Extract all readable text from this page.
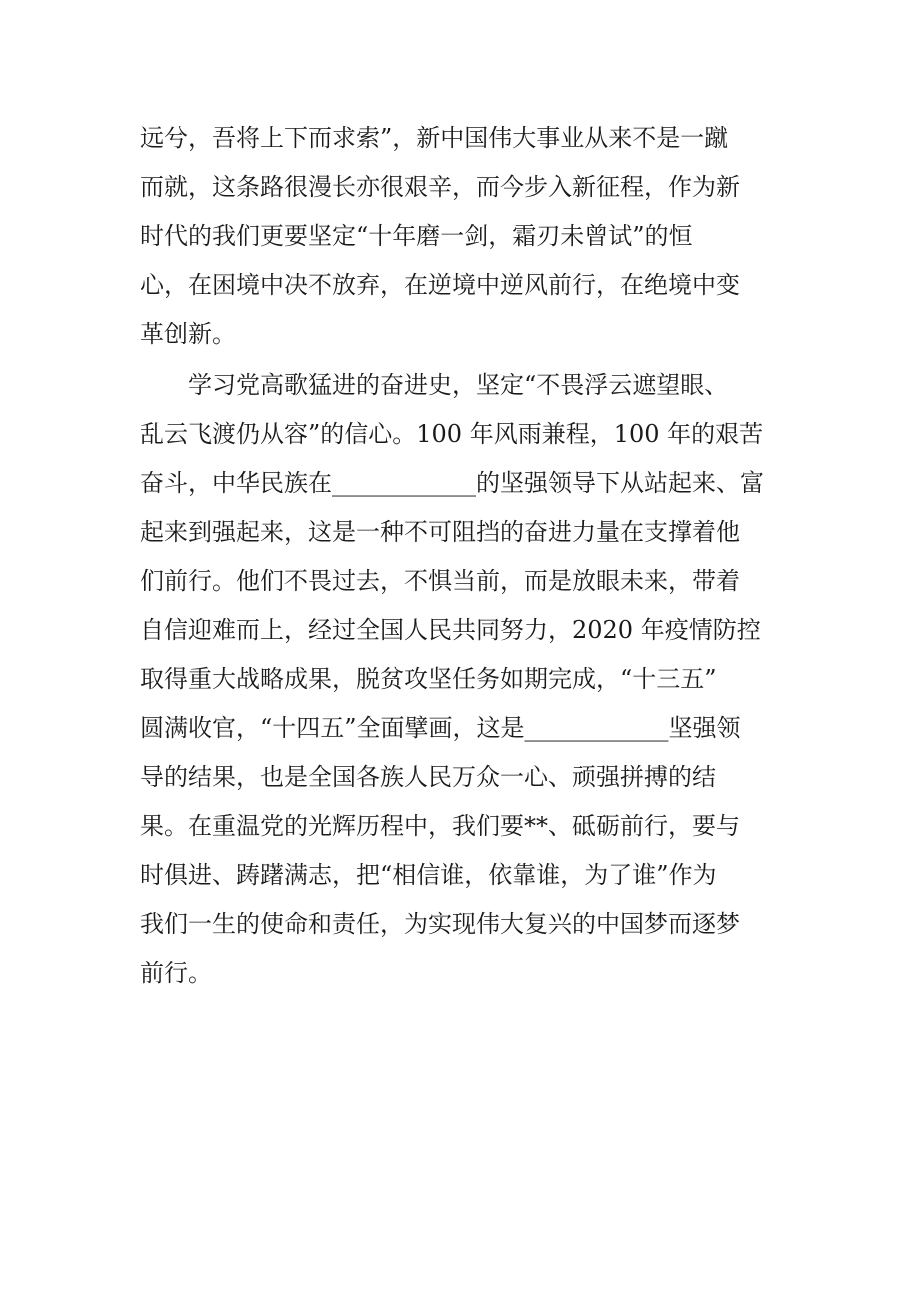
远兮，吾将上下而求索”，新中国伟大事业从来不是一蹴
而就，这条路很漫长亦很艰辛，而今步入新征程，作为新
时代的我们更要坚定“十年磨一剑，霜刃未曾试”的恒
心，在困境中决不放弃，在逆境中逆风前行，在绝境中变
革创新。
　　学习党高歌猛进的奋进史，坚定“不畏浮云遮望眼、
乱云飞渡仍从容”的信心。100 年风雨兼程，100 年的艰苦
奋斗，中华民族在____________的坚强领导下从站起来、富
起来到强起来，这是一种不可阻挡的奋进力量在支撑着他
们前行。他们不畏过去，不惧当前，而是放眼未来，带着
自信迎难而上，经过全国人民共同努力，2020 年疫情防控
取得重大战略成果，脱贫攻坚任务如期完成，“十三五”
圆满收官，“十四五”全面擘画，这是____________坚强领
导的结果，也是全国各族人民万众一心、顽强拼搏的结
果。在重温党的光辉历程中，我们要**、砥砺前行，要与
时俱进、踌躇满志，把“相信谁，依靠谁，为了谁”作为
我们一生的使命和责任，为实现伟大复兴的中国梦而逐梦
前行。
